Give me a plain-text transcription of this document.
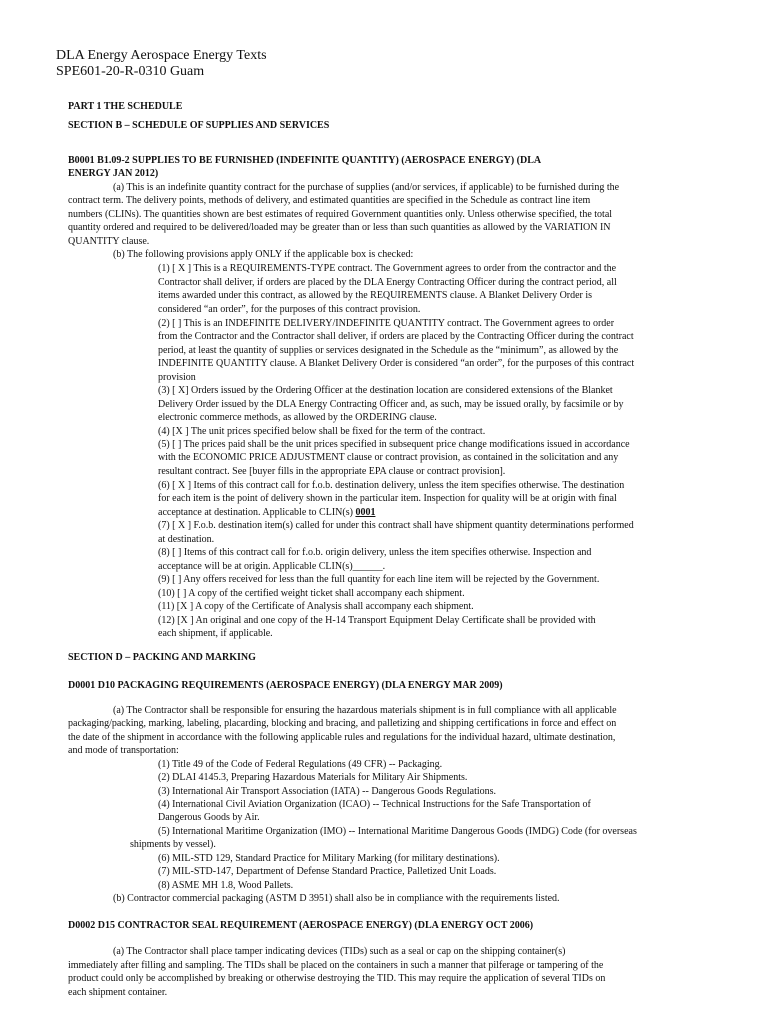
DLA Energy Aerospace Energy Texts
SPE601-20-R-0310 Guam
PART 1 THE SCHEDULE
SECTION B – SCHEDULE OF SUPPLIES AND SERVICES
B0001 B1.09-2 SUPPLIES TO BE FURNISHED (INDEFINITE QUANTITY) (AEROSPACE ENERGY) (DLA
ENERGY JAN 2012)
(a) This is an indefinite quantity contract for the purchase of supplies (and/or services, if applicable) to be furnished during the
contract term. The delivery points, methods of delivery, and estimated quantities are specified in the Schedule as contract line item
numbers (CLINs). The quantities shown are best estimates of required Government quantities only. Unless otherwise specified, the total
quantity ordered and required to be delivered/loaded may be greater than or less than such quantities as allowed by the VARIATION IN
QUANTITY clause.
(b) The following provisions apply ONLY if the applicable box is checked:
(1) [ X ] This is a REQUIREMENTS-TYPE contract. The Government agrees to order from the contractor and the
Contractor shall deliver, if orders are placed by the DLA Energy Contracting Officer during the contract period, all
items awarded under this contract, as allowed by the REQUIREMENTS clause. A Blanket Delivery Order is
considered “an order”, for the purposes of this contract provision.
(2) [ ] This is an INDEFINITE DELIVERY/INDEFINITE QUANTITY contract. The Government agrees to order
from the Contractor and the Contractor shall deliver, if orders are placed by the Contracting Officer during the contract
period, at least the quantity of supplies or services designated in the Schedule as the “minimum”, as allowed by the
INDEFINITE QUANTITY clause. A Blanket Delivery Order is considered “an order”, for the purposes of this contract
provision
(3) [ X] Orders issued by the Ordering Officer at the destination location are considered extensions of the Blanket
Delivery Order issued by the DLA Energy Contracting Officer and, as such, may be issued orally, by facsimile or by
electronic commerce methods, as allowed by the ORDERING clause.
(4) [X ] The unit prices specified below shall be fixed for the term of the contract.
(5) [ ] The prices paid shall be the unit prices specified in subsequent price change modifications issued in accordance
with the ECONOMIC PRICE ADJUSTMENT clause or contract provision, as contained in the solicitation and any
resultant contract. See [buyer fills in the appropriate EPA clause or contract provision].
(6) [ X ] Items of this contract call for f.o.b. destination delivery, unless the item specifies otherwise. The destination
for each item is the point of delivery shown in the particular item. Inspection for quality will be at origin with final
acceptance at destination. Applicable to CLIN(s) 0001
(7) [ X ] F.o.b. destination item(s) called for under this contract shall have shipment quantity determinations performed
at destination.
(8) [ ] Items of this contract call for f.o.b. origin delivery, unless the item specifies otherwise. Inspection and
acceptance will be at origin. Applicable CLIN(s)______.
(9) [ ] Any offers received for less than the full quantity for each line item will be rejected by the Government.
(10) [ ] A copy of the certified weight ticket shall accompany each shipment.
(11) [X ] A copy of the Certificate of Analysis shall accompany each shipment.
(12) [X ] An original and one copy of the H-14 Transport Equipment Delay Certificate shall be provided with
each shipment, if applicable.
SECTION D – PACKING AND MARKING
D0001 D10 PACKAGING REQUIREMENTS (AEROSPACE ENERGY) (DLA ENERGY MAR 2009)
(a) The Contractor shall be responsible for ensuring the hazardous materials shipment is in full compliance with all applicable
packaging/packing, marking, labeling, placarding, blocking and bracing, and palletizing and shipping certifications in force and effect on
the date of the shipment in accordance with the following applicable rules and regulations for the individual hazard, ultimate destination,
and mode of transportation:
(1) Title 49 of the Code of Federal Regulations (49 CFR) -- Packaging.
(2) DLAI 4145.3, Preparing Hazardous Materials for Military Air Shipments.
(3) International Air Transport Association (IATA) -- Dangerous Goods Regulations.
(4) International Civil Aviation Organization (ICAO) -- Technical Instructions for the Safe Transportation of
Dangerous Goods by Air.
(5) International Maritime Organization (IMO) -- International Maritime Dangerous Goods (IMDG) Code (for overseas
shipments by vessel).
(6) MIL-STD 129, Standard Practice for Military Marking (for military destinations).
(7) MIL-STD-147, Department of Defense Standard Practice, Palletized Unit Loads.
(8) ASME MH 1.8, Wood Pallets.
(b) Contractor commercial packaging (ASTM D 3951) shall also be in compliance with the requirements listed.
D0002 D15 CONTRACTOR SEAL REQUIREMENT (AEROSPACE ENERGY) (DLA ENERGY OCT 2006)
(a) The Contractor shall place tamper indicating devices (TIDs) such as a seal or cap on the shipping container(s)
immediately after filling and sampling. The TIDs shall be placed on the containers in such a manner that pilferage or tampering of the
product could only be accomplished by breaking or otherwise destroying the TID. This may require the application of several TIDs on
each shipment container.
